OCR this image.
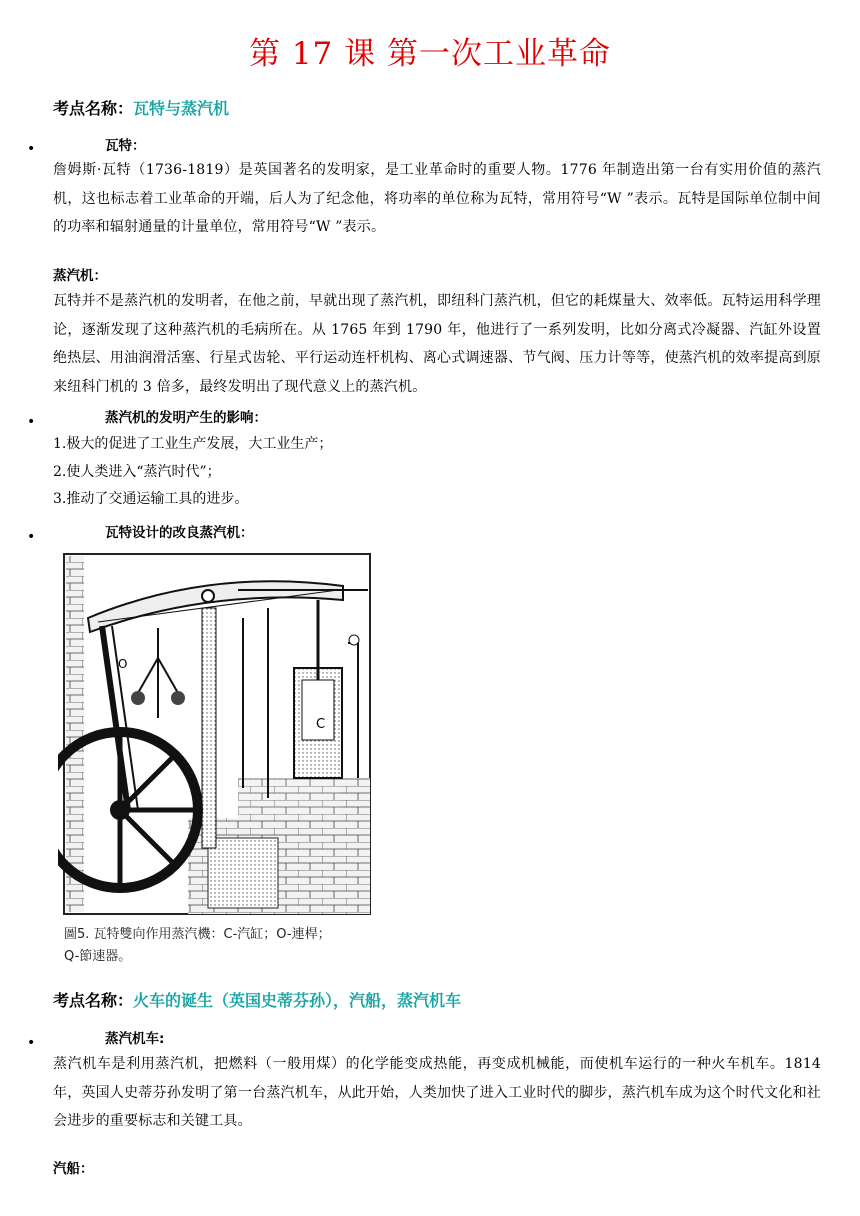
第 17 课 第一次工业革命
考点名称：瓦特与蒸汽机
•	瓦特：
詹姆斯·瓦特（1736-1819）是英国著名的发明家，是工业革命时的重要人物。1776 年制造出第一台有实用价值的蒸汽机，这也标志着工业革命的开端，后人为了纪念他，将功率的单位称为瓦特，常用符号“W ”表示。瓦特是国际单位制中间的功率和辐射通量的计量单位，常用符号“W ”表示。
蒸汽机：
瓦特并不是蒸汽机的发明者，在他之前，早就出现了蒸汽机，即纽科门蒸汽机，但它的耗煤量大、效率低。瓦特运用科学理论，逐渐发现了这种蒸汽机的毛病所在。从 1765 年到 1790 年，他进行了一系列发明，比如分离式冷凝器、汽缸外设置绝热层、用油润滑活塞、行星式齿轮、平行运动连杆机构、离心式调速器、节气阀、压力计等等，使蒸汽机的效率提高到原来纽科门机的 3 倍多，最终发明出了现代意义上的蒸汽机。
•	蒸汽机的发明产生的影响：
1.极大的促进了工业生产发展，大工业生产；
2.使人类进入“蒸汽时代”；
3.推动了交通运输工具的进步。
•	瓦特设计的改良蒸汽机：
O
C
圖5. 瓦特雙向作用蒸汽機：C-汽缸；O-連桿；
Q-節速器。
考点名称：火车的诞生（英国史蒂芬孙），汽船，蒸汽机车
•	蒸汽机车:
蒸汽机车是利用蒸汽机，把燃料（一般用煤）的化学能变成热能，再变成机械能，而使机车运行的一种火车机车。1814 年，英国人史蒂芬孙发明了第一台蒸汽机车，从此开始，人类加快了进入工业时代的脚步，蒸汽机车成为这个时代文化和社会进步的重要标志和关键工具。
汽船：
